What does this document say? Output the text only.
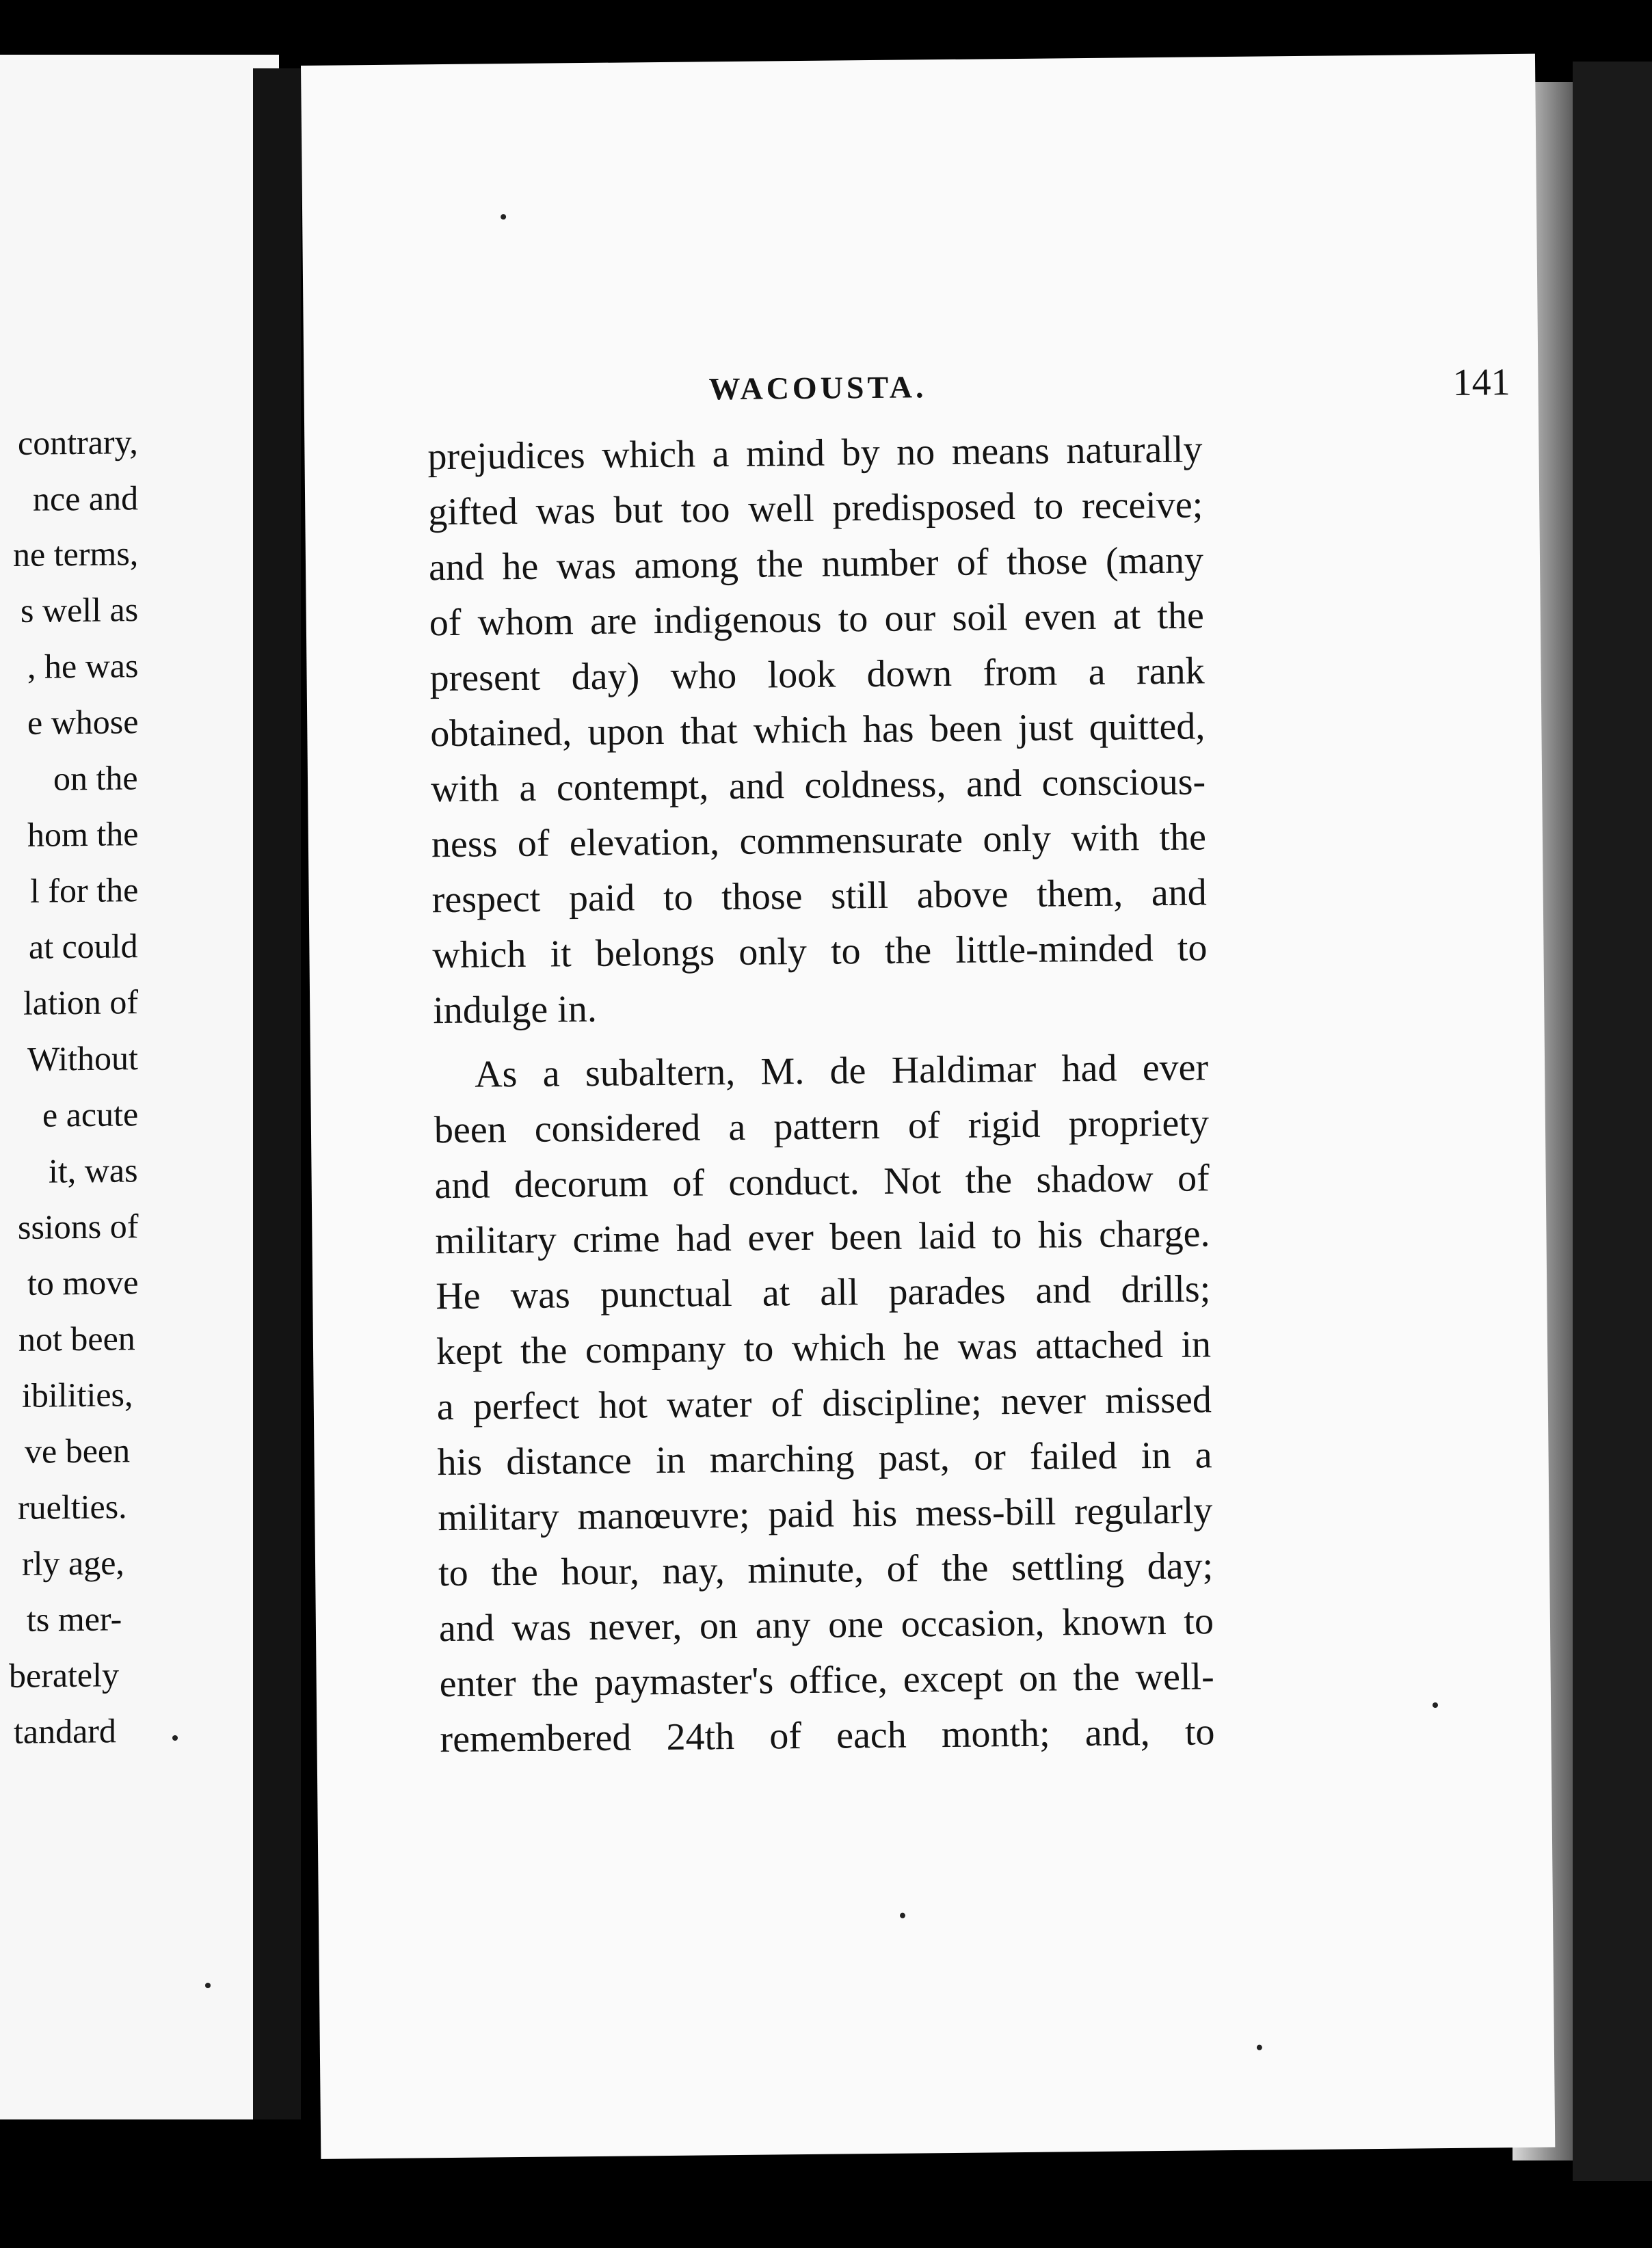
contrary,
nce and
ne terms,
s well as
, he was
e whose
on the
hom the
l for the
at could
lation of
Without
e acute
it, was
ssions of
to move
not been
ibilities,
ve been
ruelties.
rly age,
ts mer-
berately
tandard
WACOUSTA.	141
prejudices which a mind by no means naturally
gifted was but too well predisposed to receive;
and he was among the number of those (many
of whom are indigenous to our soil even at the
present day) who look down from a rank
obtained, upon that which has been just quitted,
with a contempt, and coldness, and conscious-
ness of elevation, commensurate only with the
respect paid to those still above them, and
which it belongs only to the little-minded to
indulge in.
As a subaltern, M. de Haldimar had ever
been considered a pattern of rigid propriety
and decorum of conduct. Not the shadow of
military crime had ever been laid to his charge.
He was punctual at all parades and drills;
kept the company to which he was attached in
a perfect hot water of discipline; never missed
his distance in marching past, or failed in a
military manœuvre; paid his mess-bill regularly
to the hour, nay, minute, of the settling day;
and was never, on any one occasion, known to
enter the paymaster's office, except on the well-
remembered 24th of each month; and, to
